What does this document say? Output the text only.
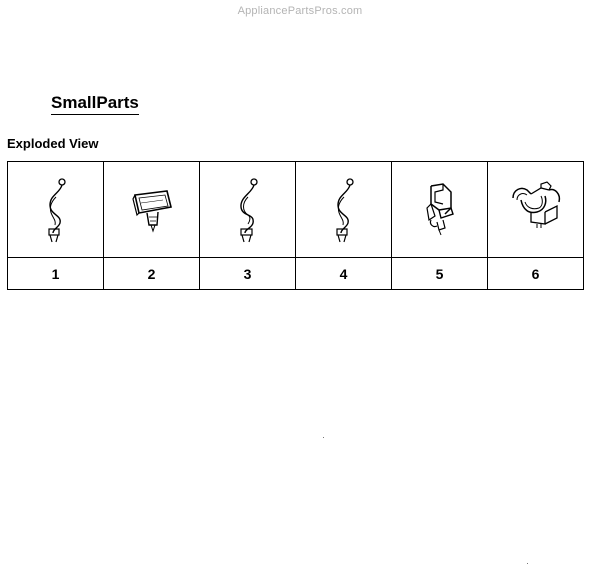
AppliancePartsPros.com
SmallParts
Exploded View

1	2	3	4	5	6
